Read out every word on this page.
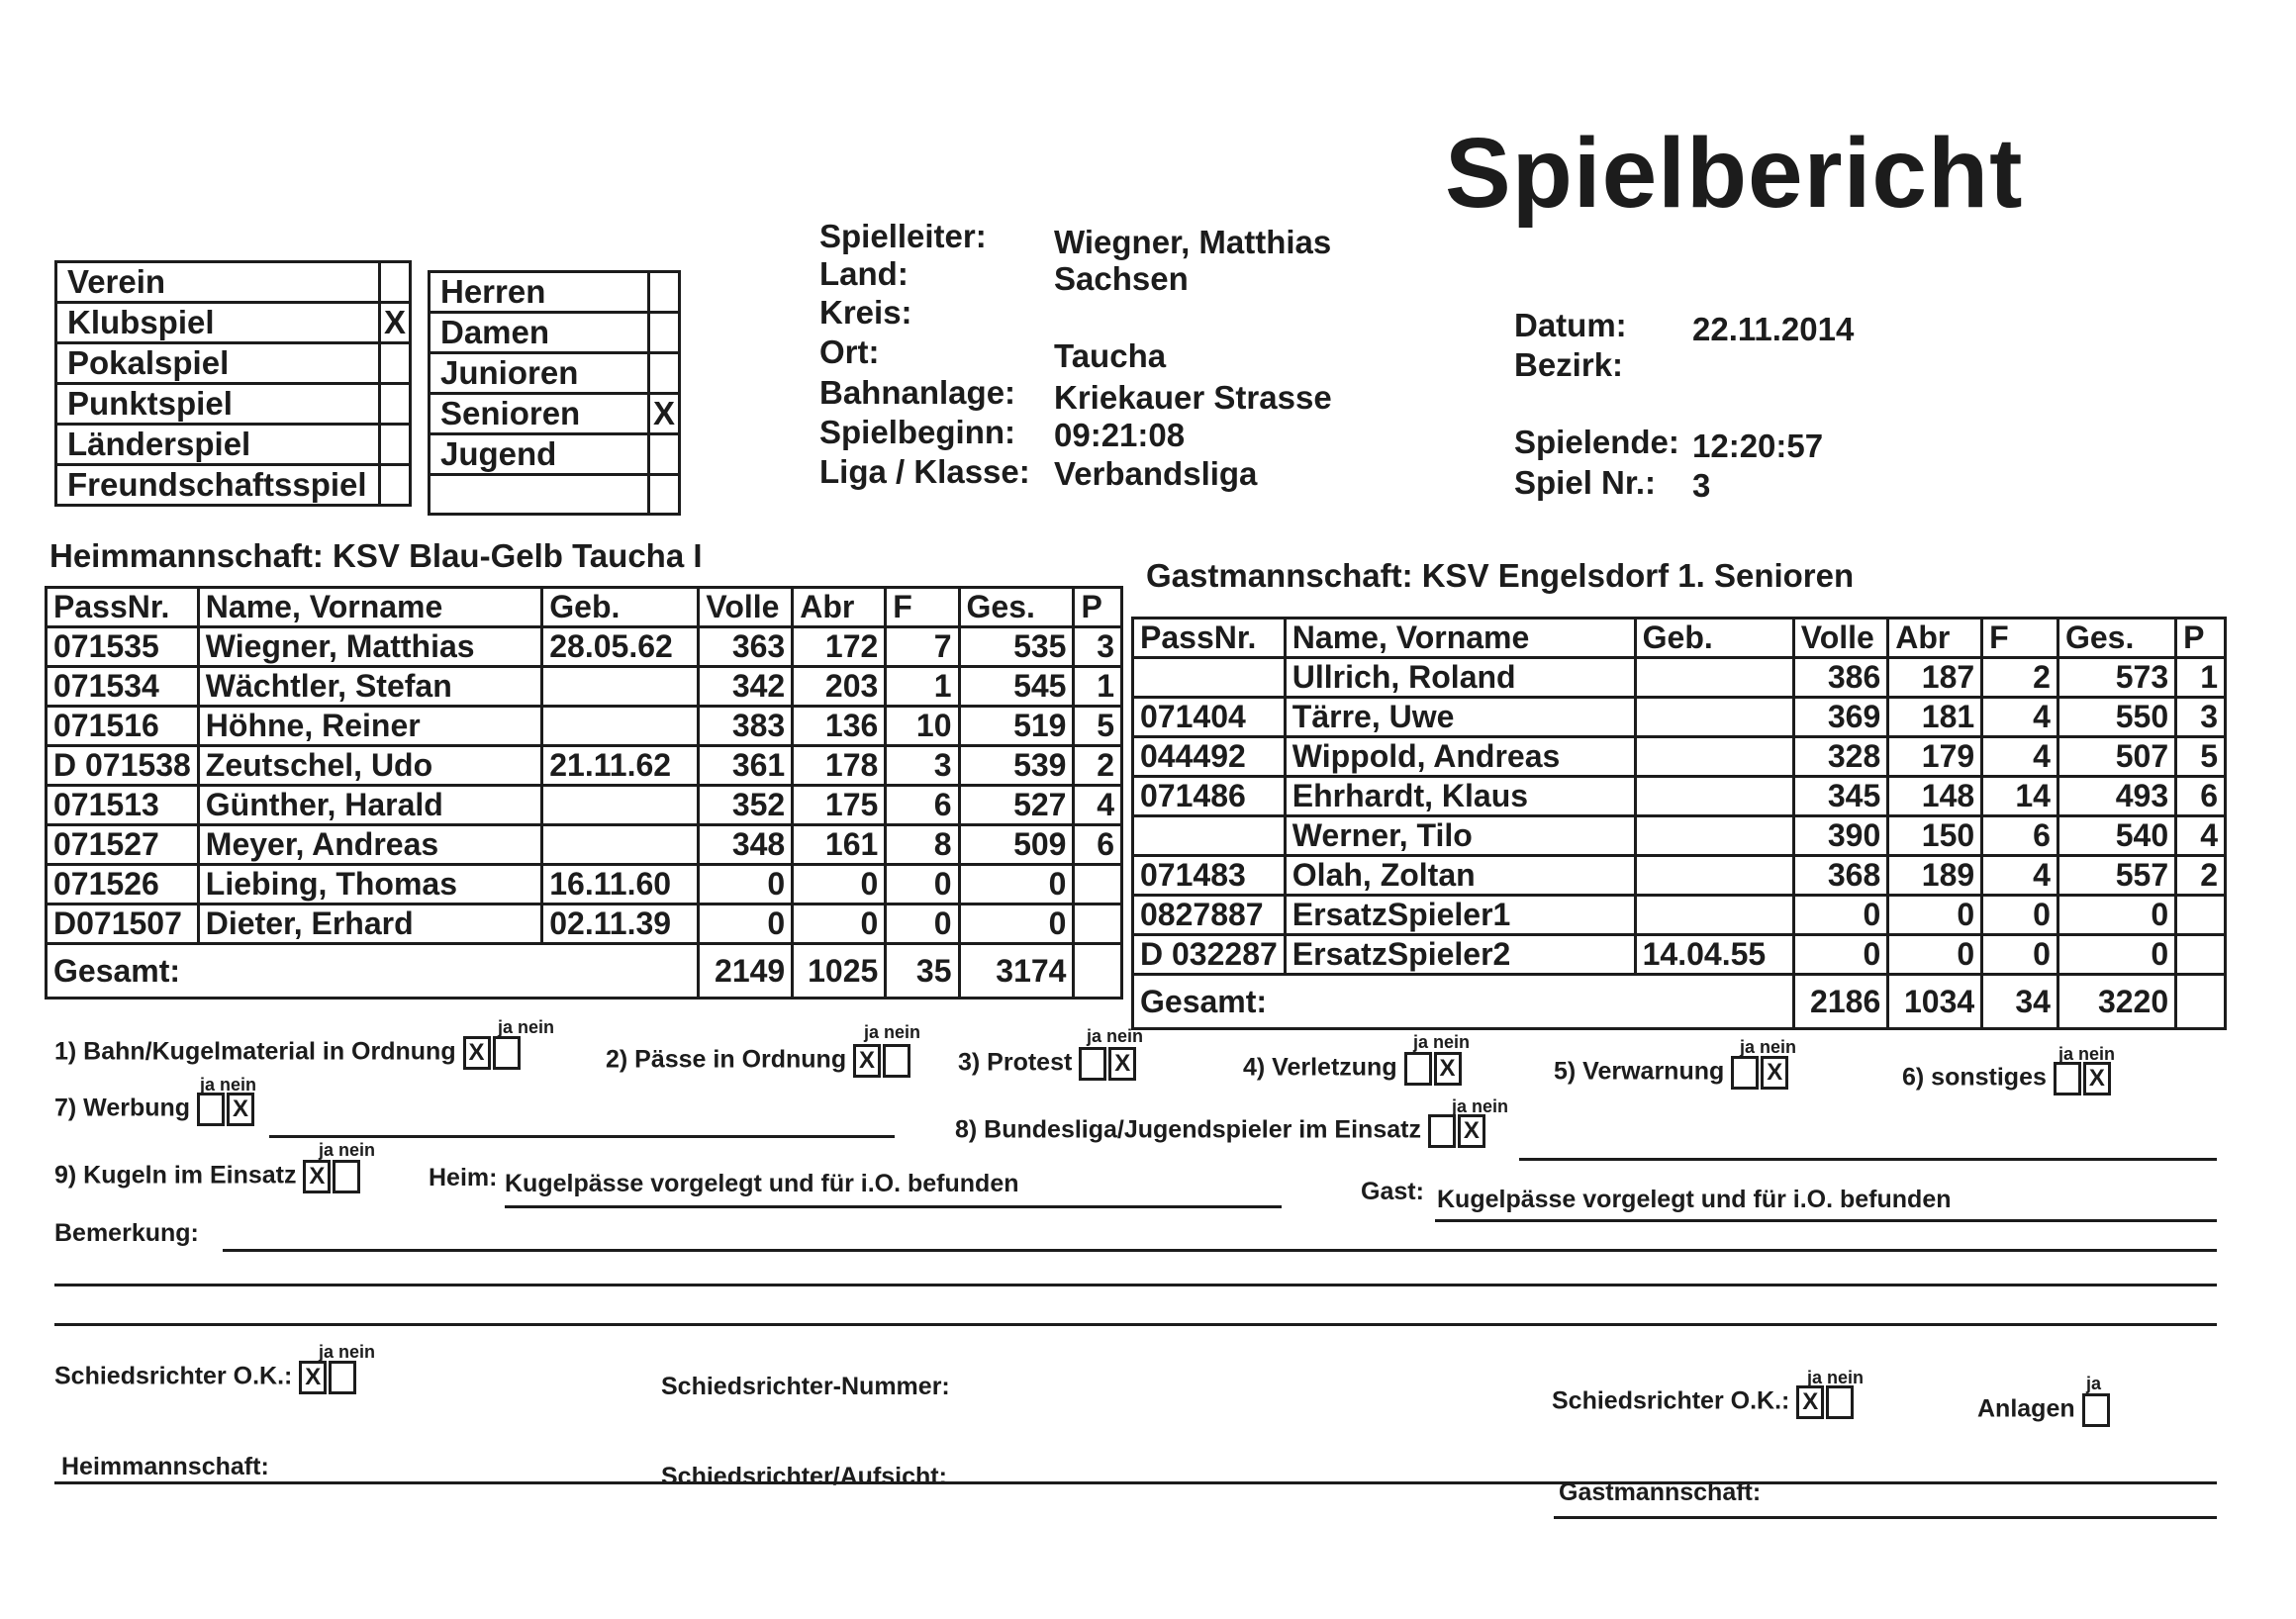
Spielbericht
Verein	
Klubspiel	X
Pokalspiel	
Punktspiel	
Länderspiel	
Freundschaftsspiel	
Herren	
Damen	
Junioren	
Senioren	X
Jugend	

Spielleiter: Wiegner, Matthias
Land:	Sachsen
Kreis:
Ort:	Taucha
Bahnanlage: Kriekauer Strasse
Spielbeginn: 09:21:08
Liga / Klasse: Verbandsliga
Datum: 22.11.2014
Bezirk:
Spielende: 12:20:57
Spiel Nr.: 3
Heimmannschaft: KSV Blau-Gelb Taucha I
Gastmannschaft: KSV Engelsdorf 1. Senioren
PassNr.	Name, Vorname	Geb.	Volle	Abr	F	Ges.	P
071535	Wiegner, Matthias	28.05.62	363	172	7	535	3
071534	Wächtler, Stefan		342	203	1	545	1
071516	Höhne, Reiner		383	136	10	519	5
D 071538	Zeutschel, Udo	21.11.62	361	178	3	539	2
071513	Günther, Harald		352	175	6	527	4
071527	Meyer, Andreas		348	161	8	509	6
071526	Liebing, Thomas	16.11.60	0	0	0	0	
D071507	Dieter, Erhard	02.11.39	0	0	0	0	
Gesamt:			2149	1025	35	3174	
PassNr.	Name, Vorname	Geb.	Volle	Abr	F	Ges.	P
	Ullrich, Roland		386	187	2	573	1
071404	Tärre, Uwe		369	181	4	550	3
044492	Wippold, Andreas		328	179	4	507	5
071486	Ehrhardt, Klaus		345	148	14	493	6
	Werner, Tilo		390	150	6	540	4
071483	Olah, Zoltan		368	189	4	557	2
0827887	ErsatzSpieler1		0	0	0	0	
D 032287	ErsatzSpieler2	14.04.55	0	0	0	0	
Gesamt:			2186	1034	34	3220	
1) Bahn/Kugelmaterial in Ordnung X
ja nein
2) Pässe in Ordnung X
ja nein
3) Protest X
ja nein
4) Verletzung X
ja nein
5) Verwarnung X
ja nein
6) sonstiges X
ja nein
7) Werbung X
ja nein
8) Bundesliga/Jugendspieler im Einsatz X
ja nein
9) Kugeln im Einsatz X
ja nein
Heim: Kugelpässe vorgelegt und für i.O. befunden	Gast: Kugelpässe vorgelegt und für i.O. befunden
Bemerkung:
Schiedsrichter O.K.: X
ja nein
Schiedsrichter-Nummer:
Schiedsrichter O.K.: X
ja nein
Anlagen
ja
Heimmannschaft:	Schiedsrichter/Aufsicht:
Gastmannschaft:
